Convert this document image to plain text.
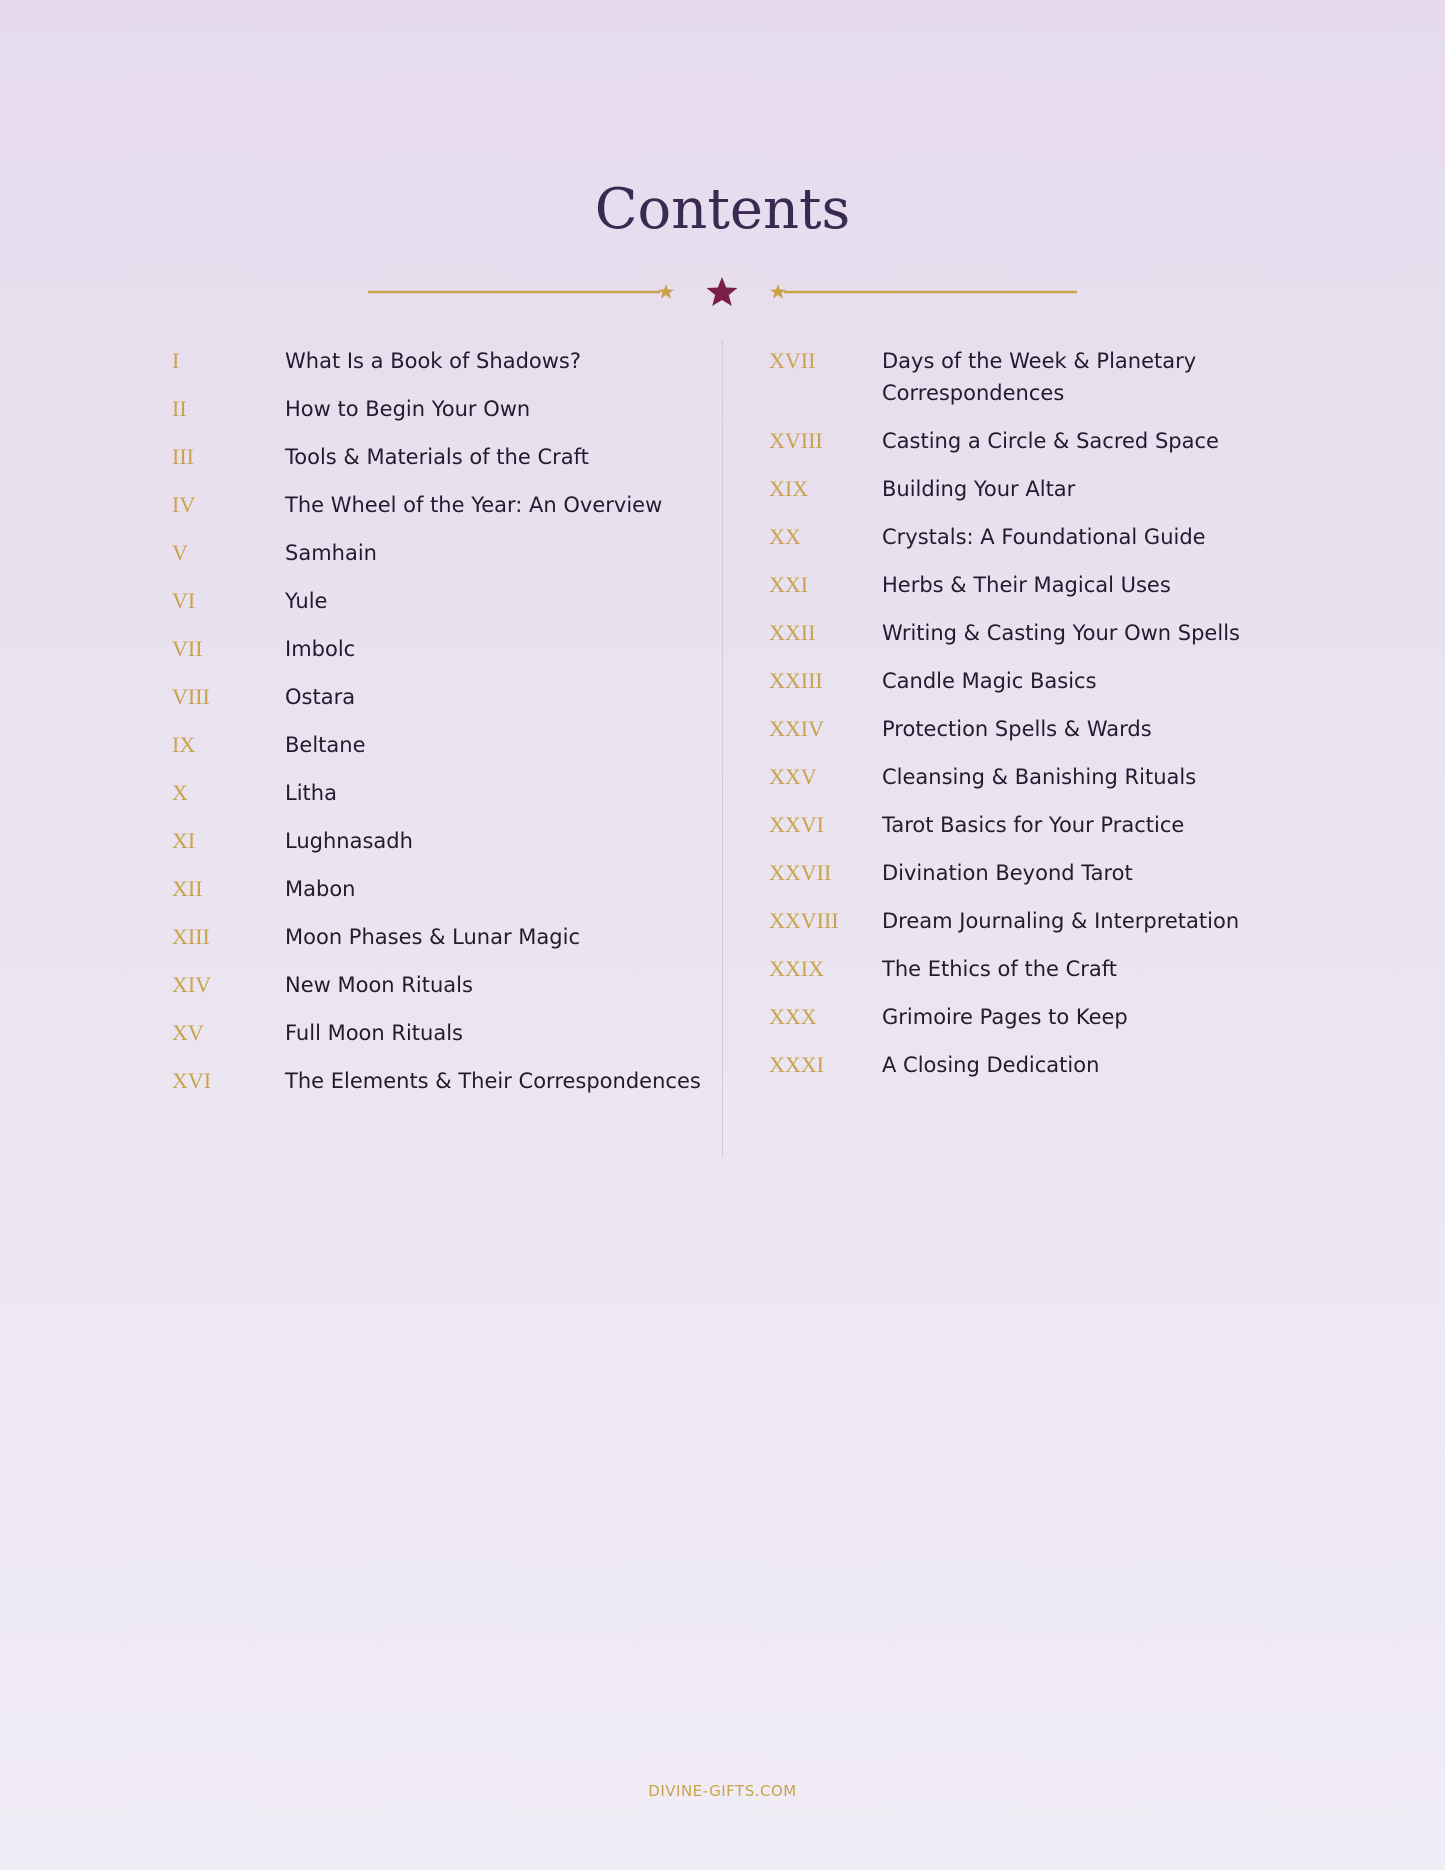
Contents
I	What Is a Book of Shadows?
II	How to Begin Your Own
III	Tools & Materials of the Craft
IV	The Wheel of the Year: An Overview
V	Samhain
VI	Yule
VII	Imbolc
VIII	Ostara
IX	Beltane
X	Litha
XI	Lughnasadh
XII	Mabon
XIII	Moon Phases & Lunar Magic
XIV	New Moon Rituals
XV	Full Moon Rituals
XVI	The Elements & Their Correspondences
XVII	Days of the Week & Planetary Correspondences
XVIII	Casting a Circle & Sacred Space
XIX	Building Your Altar
XX	Crystals: A Foundational Guide
XXI	Herbs & Their Magical Uses
XXII	Writing & Casting Your Own Spells
XXIII	Candle Magic Basics
XXIV	Protection Spells & Wards
XXV	Cleansing & Banishing Rituals
XXVI	Tarot Basics for Your Practice
XXVII	Divination Beyond Tarot
XXVIII	Dream Journaling & Interpretation
XXIX	The Ethics of the Craft
XXX	Grimoire Pages to Keep
XXXI	A Closing Dedication
DIVINE-GIFTS.COM
